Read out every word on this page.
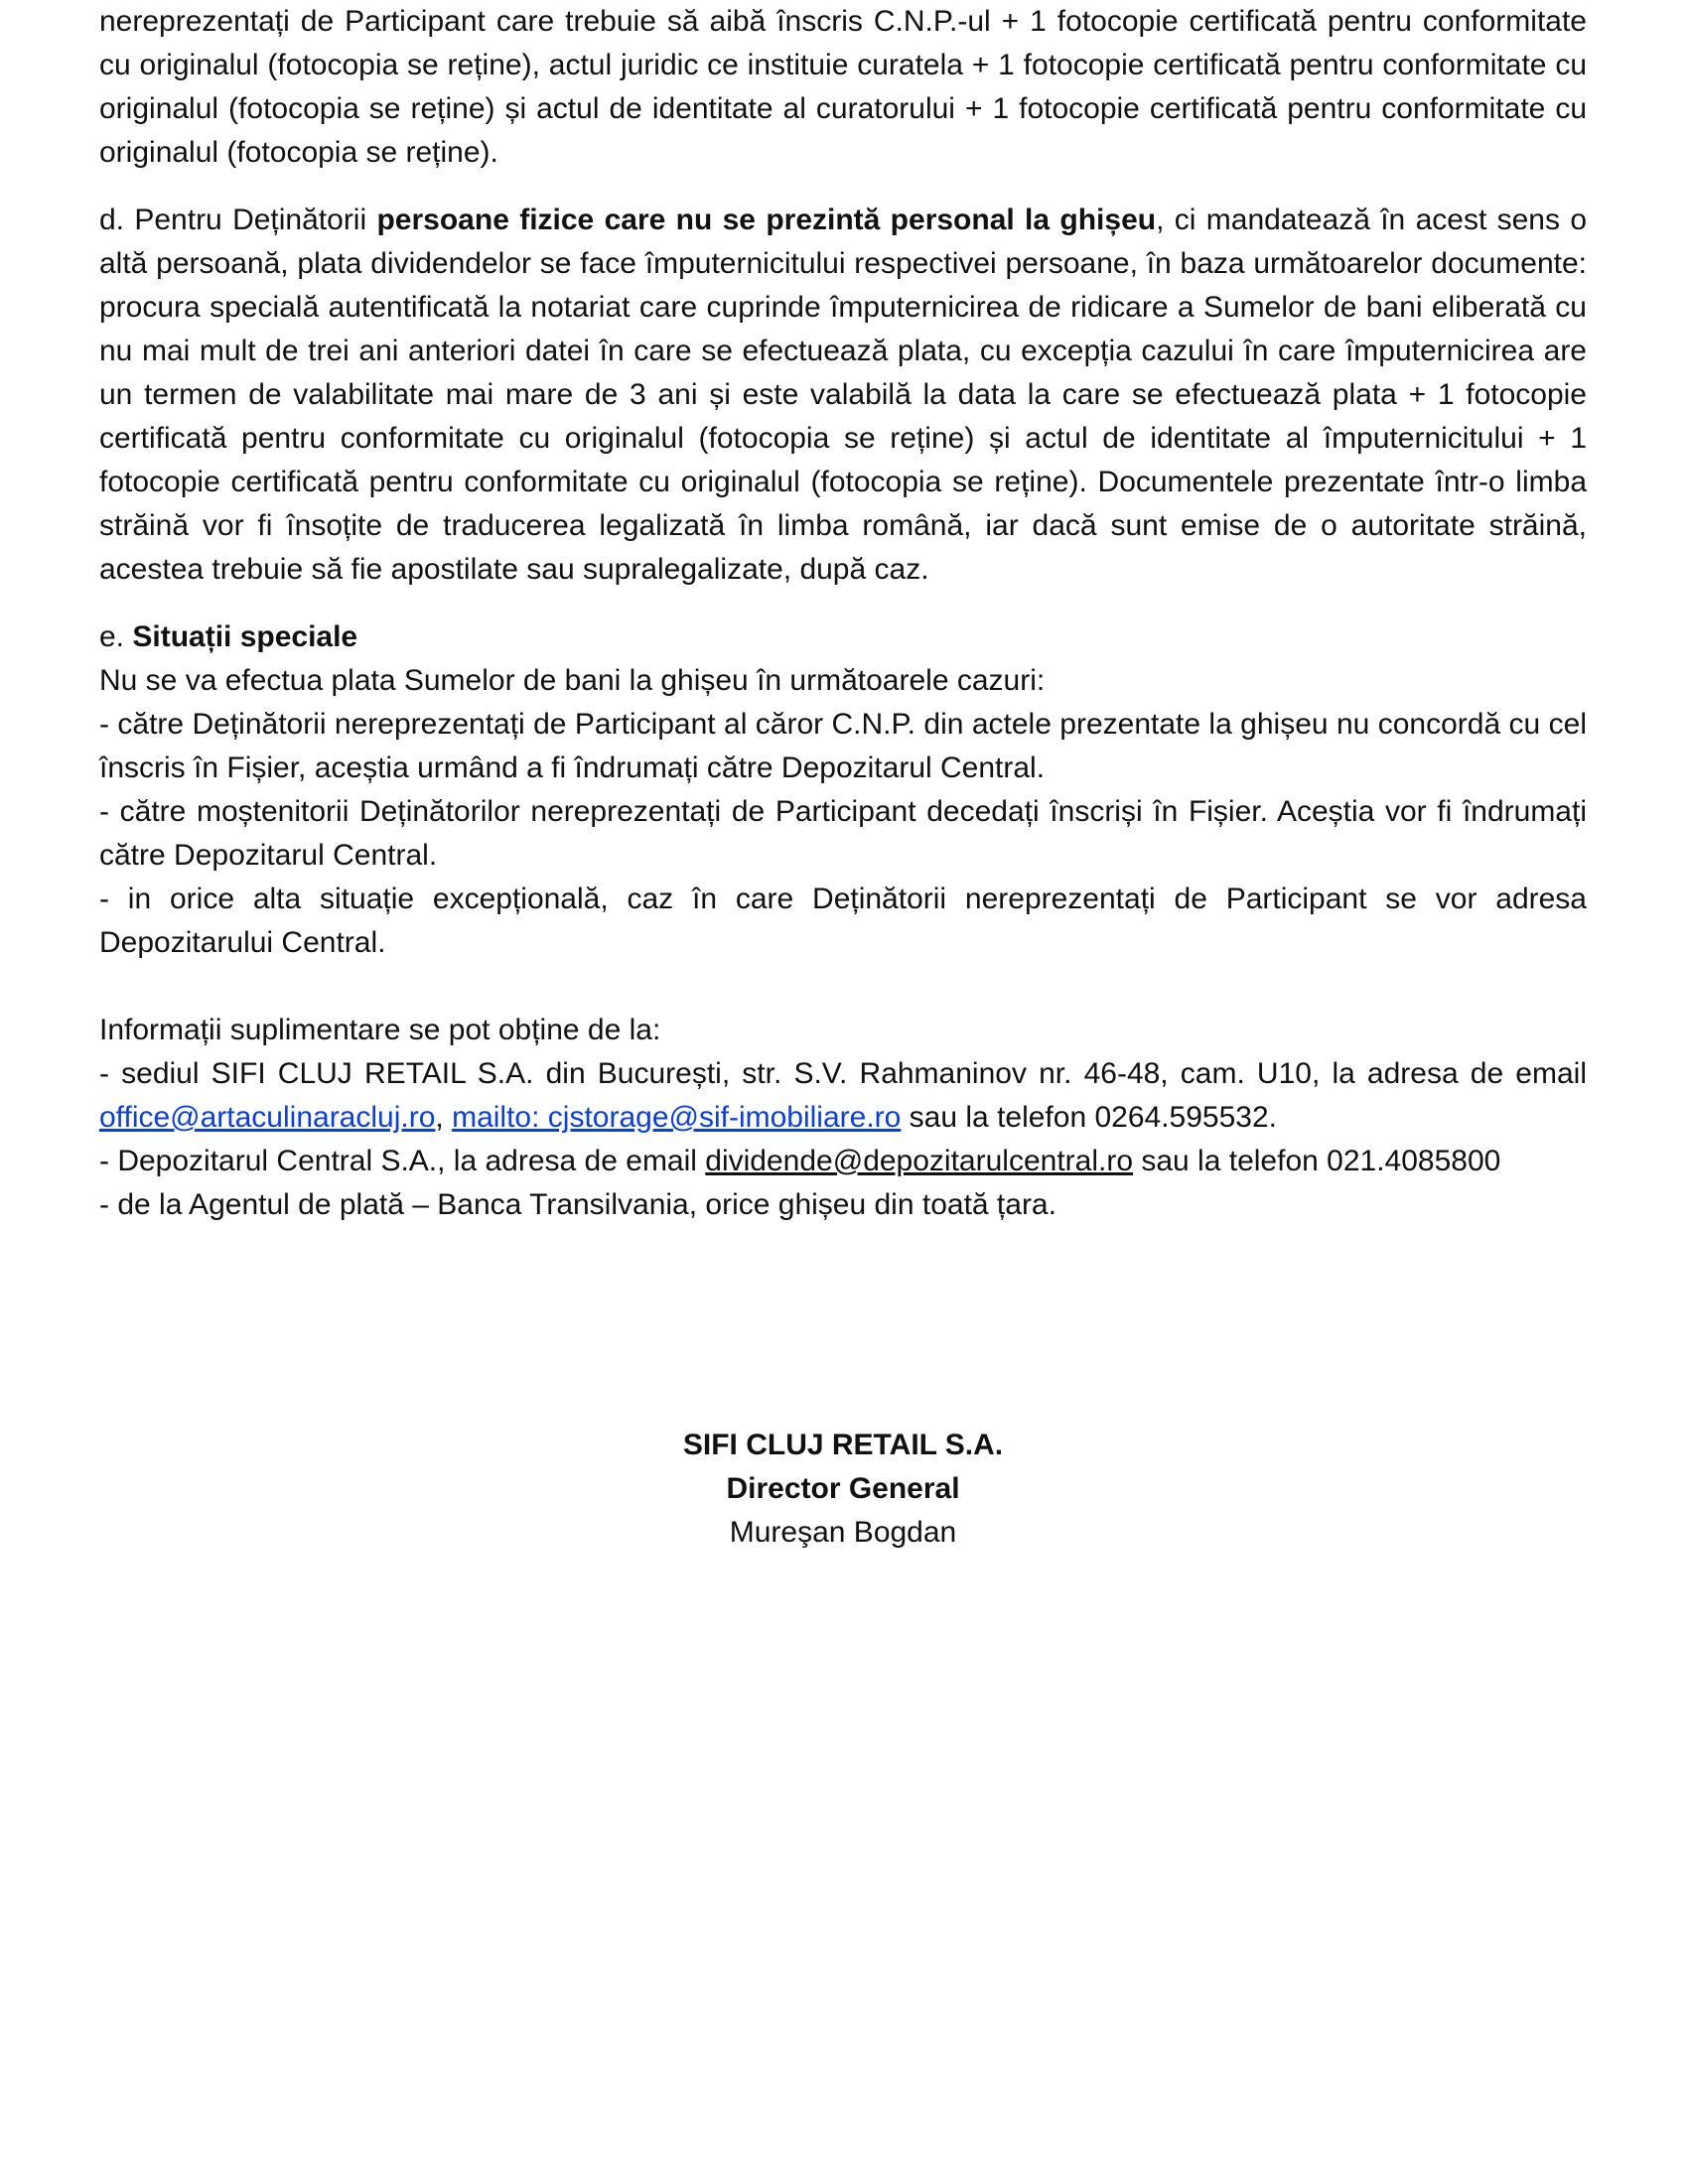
nereprezentați de Participant care trebuie să aibă înscris C.N.P.-ul + 1 fotocopie certificată pentru conformitate cu originalul (fotocopia se reține), actul juridic ce instituie curatela + 1 fotocopie certificată pentru conformitate cu originalul (fotocopia se reține) și actul de identitate al curatorului + 1 fotocopie certificată pentru conformitate cu originalul (fotocopia se reține).

d. Pentru Deținătorii persoane fizice care nu se prezintă personal la ghișeu, ci mandatează în acest sens o altă persoană, plata dividendelor se face împuternicitului respectivei persoane, în baza următoarelor documente: procura specială autentificată la notariat care cuprinde împuternicirea de ridicare a Sumelor de bani eliberată cu nu mai mult de trei ani anteriori datei în care se efectuează plata, cu excepția cazului în care împuternicirea are un termen de valabilitate mai mare de 3 ani și este valabilă la data la care se efectuează plata + 1 fotocopie certificată pentru conformitate cu originalul (fotocopia se reține) și actul de identitate al împuternicitului + 1 fotocopie certificată pentru conformitate cu originalul (fotocopia se reține). Documentele prezentate într-o limba străină vor fi însoțite de traducerea legalizată în limba română, iar dacă sunt emise de o autoritate străină, acestea trebuie să fie apostilate sau supralegalizate, după caz.

e. Situații speciale

Nu se va efectua plata Sumelor de bani la ghișeu în următoarele cazuri:

- către Deținătorii nereprezentați de Participant al căror C.N.P. din actele prezentate la ghișeu nu concordă cu cel înscris în Fișier, aceștia urmând a fi îndrumați către Depozitarul Central.

- către moștenitorii Deținătorilor nereprezentați de Participant decedați înscriși în Fișier. Aceștia vor fi îndrumați către Depozitarul Central.

- in orice alta situație excepțională, caz în care Deținătorii nereprezentați de Participant se vor adresa Depozitarului Central.

Informații suplimentare se pot obține de la:

- sediul SIFI CLUJ RETAIL S.A. din București, str. S.V. Rahmaninov nr. 46-48, cam. U10, la adresa de email office@artaculinaracluj.ro, mailto: cjstorage@sif-imobiliare.ro sau la telefon 0264.595532.

- Depozitarul Central S.A., la adresa de email dividende@depozitarulcentral.ro sau la telefon 021.4085800

- de la Agentul de plată – Banca Transilvania, orice ghișeu din toată țara.

SIFI CLUJ RETAIL S.A.
Director General
Mureşan Bogdan
